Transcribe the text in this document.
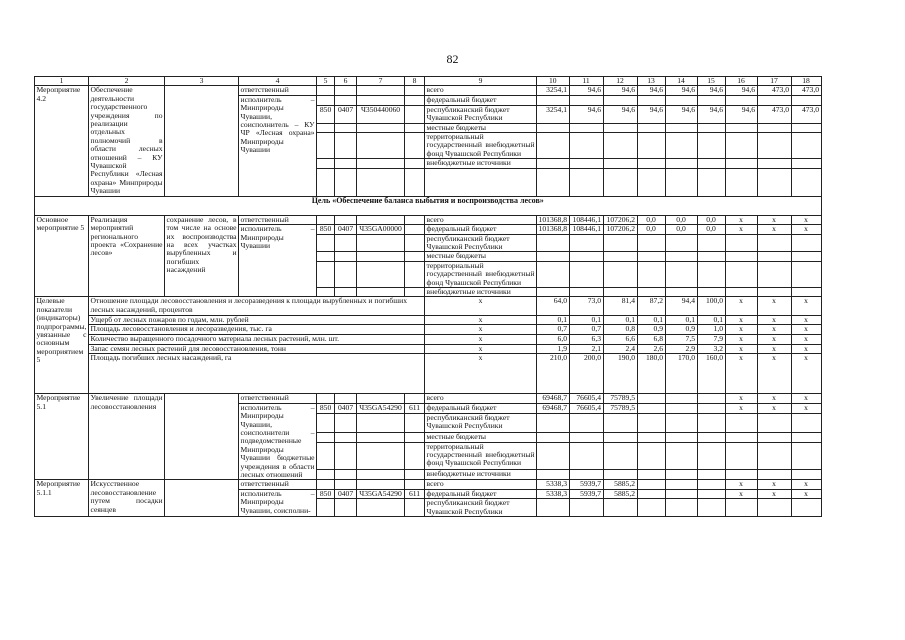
82
1	2	3	4	5	6	7	8	9	10	11	12	13	14	15	16	17	18
Мероприятие 4.2	Обеспечение деятельности государственного учреждения по реализации отдельных полномочий в области лесных отношений – КУ Чувашской Республики «Лесная охрана» Минприроды Чувашии		ответственный					всего	3254,1	94,6	94,6	94,6	94,6	94,6	94,6	473,0	473,0
			исполнитель – Минприроды Чувашии, соисполнитель – КУ ЧР «Лесная охрана» Минприроды Чувашии					федеральный бюджет									
				850	0407	Ч350440060		республиканский бюджет Чувашской Республики	3254,1	94,6	94,6	94,6	94,6	94,6	94,6	473,0	473,0
								местные бюджеты									
								территориальный государственный внебюджетный фонд Чувашской Республики									
								внебюджетные источники									

Цель «Обеспечение баланса выбытия и воспроизводства лесов»																	
Основное мероприятие 5	Реализация мероприятий регионального проекта «Сохранение лесов»	сохранение лесов, в том числе на основе их воспроизводства на всех участках вырубленных и погибших насаждений	ответственный					всего	101368,8	108446,1	107206,2	0,0	0,0	0,0	x	x	x
			исполнитель – Минприроды Чувашии	850	0407	Ч35GA00000		федеральный бюджет	101368,8	108446,1	107206,2	0,0	0,0	0,0	x	x	x
								республиканский бюджет Чувашской Республики									
								местные бюджеты									
								территориальный государственный внебюджетный фонд Чувашской Республики									
								внебюджетные источники									
Целевые показатели (индикаторы) подпрограммы, увязанные с основным мероприятием 5	Отношение площади лесовосстановления и лесоразведения к площади вырубленных и погибших лесных насаждений, процентов							x	64,0	73,0	81,4	87,2	94,4	100,0	x	x	x
	Ущерб от лесных пожаров по годам, млн. рублей							x	0,1	0,1	0,1	0,1	0,1	0,1	x	x	x
	Площадь лесовосстановления и лесоразведения, тыс. га							x	0,7	0,7	0,8	0,9	0,9	1,0	x	x	x
	Количество выращенного посадочного материала лесных растений, млн. шт.							x	6,0	6,3	6,6	6,8	7,5	7,9	x	x	x
	Запас семян лесных растений для лесовосстановления, тонн							x	1,9	2,1	2,4	2,6	2,9	3,2	x	x	x
	Площадь погибших лесных насаждений, га							x	210,0	200,0	190,0	180,0	170,0	160,0	x	x	x
Мероприятие 5.1	Увеличение площади лесовосстановления		ответственный					всего	69468,7	76605,4	75789,5				x	x	x
			исполнитель – Минприроды Чувашии, соисполнители – подведомственные Минприроды Чувашии бюджетные учреждения в области лесных отношений	850	0407	Ч35GA54290	611	федеральный бюджет	69468,7	76605,4	75789,5				x	x	x
								республиканский бюджет Чувашской Республики									
								местные бюджеты									
								территориальный государственный внебюджетный фонд Чувашской Республики									
								внебюджетные источники									
Мероприятие 5.1.1	Искусственное лесовосстановление путем посадки сеянцев		ответственный					всего	5338,3	5939,7	5885,2				x	x	x
			исполнитель – Минприроды Чувашии, соисполни-	850	0407	Ч35GA54290	611	федеральный бюджет	5338,3	5939,7	5885,2				x	x	x
								республиканский бюджет Чувашской Республики									
